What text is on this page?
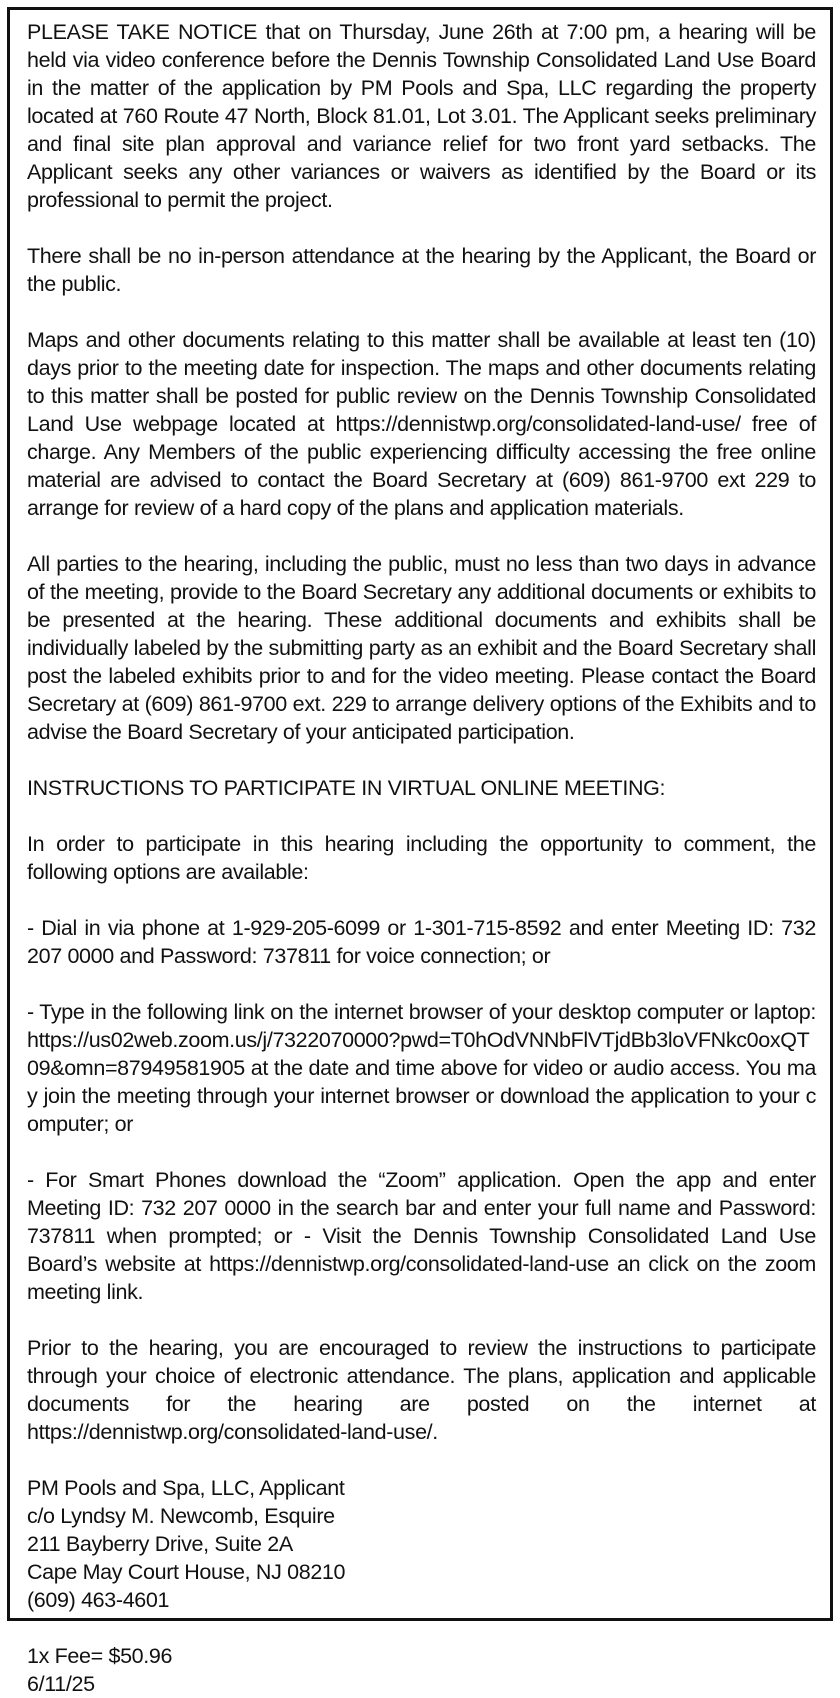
PLEASE TAKE NOTICE that on Thursday, June 26th at 7:00 pm, a hearing will be held via video conference before the Dennis Township Consolidated Land Use Board in the matter of the application by PM Pools and Spa, LLC regarding the property located at 760 Route 47 North, Block 81.01, Lot 3.01. The Applicant seeks preliminary and final site plan approval and variance relief for two front yard setbacks. The Applicant seeks any other variances or waivers as identified by the Board or its professional to permit the project.

There shall be no in-person attendance at the hearing by the Applicant, the Board or the public.

Maps and other documents relating to this matter shall be available at least ten (10) days prior to the meeting date for inspection. The maps and other documents relating to this matter shall be posted for public review on the Dennis Township Consolidated Land Use webpage located at https://dennistwp.org/consolidated-land-use/ free of charge. Any Members of the public experiencing difficulty accessing the free online material are advised to contact the Board Secretary at (609) 861-9700 ext 229 to arrange for review of a hard copy of the plans and application materials.

All parties to the hearing, including the public, must no less than two days in advance of the meeting, provide to the Board Secretary any additional documents or exhibits to be presented at the hearing. These additional documents and exhibits shall be individually labeled by the submitting party as an exhibit and the Board Secretary shall post the labeled exhibits prior to and for the video meeting. Please contact the Board Secretary at (609) 861-9700 ext. 229 to arrange delivery options of the Exhibits and to advise the Board Secretary of your anticipated participation.

INSTRUCTIONS TO PARTICIPATE IN VIRTUAL ONLINE MEETING:

In order to participate in this hearing including the opportunity to comment, the following options are available:

- Dial in via phone at 1-929-205-6099 or 1-301-715-8592 and enter Meeting ID: 732 207 0000 and Password: 737811 for voice connection; or

- Type in the following link on the internet browser of your desktop computer or laptop: https://us02web.zoom.us/j/7322070000?pwd=T0hOdVNNbFlVTjdBb3loVFNkc0oxQT09&omn=87949581905 at the date and time above for video or audio access. You may join the meeting through your internet browser or download the application to your computer; or

- For Smart Phones download the “Zoom” application. Open the app and enter Meeting ID: 732 207 0000 in the search bar and enter your full name and Password: 737811 when prompted; or - Visit the Dennis Township Consolidated Land Use Board’s website at https://dennistwp.org/consolidated-land-use an click on the zoom meeting link.

Prior to the hearing, you are encouraged to review the instructions to participate through your choice of electronic attendance. The plans, application and applicable documents for the hearing are posted on the internet at https://dennistwp.org/consolidated-land-use/.

PM Pools and Spa, LLC, Applicant
c/o Lyndsy M. Newcomb, Esquire
211 Bayberry Drive, Suite 2A
Cape May Court House, NJ 08210
(609) 463-4601
1x Fee= $50.96
6/11/25
